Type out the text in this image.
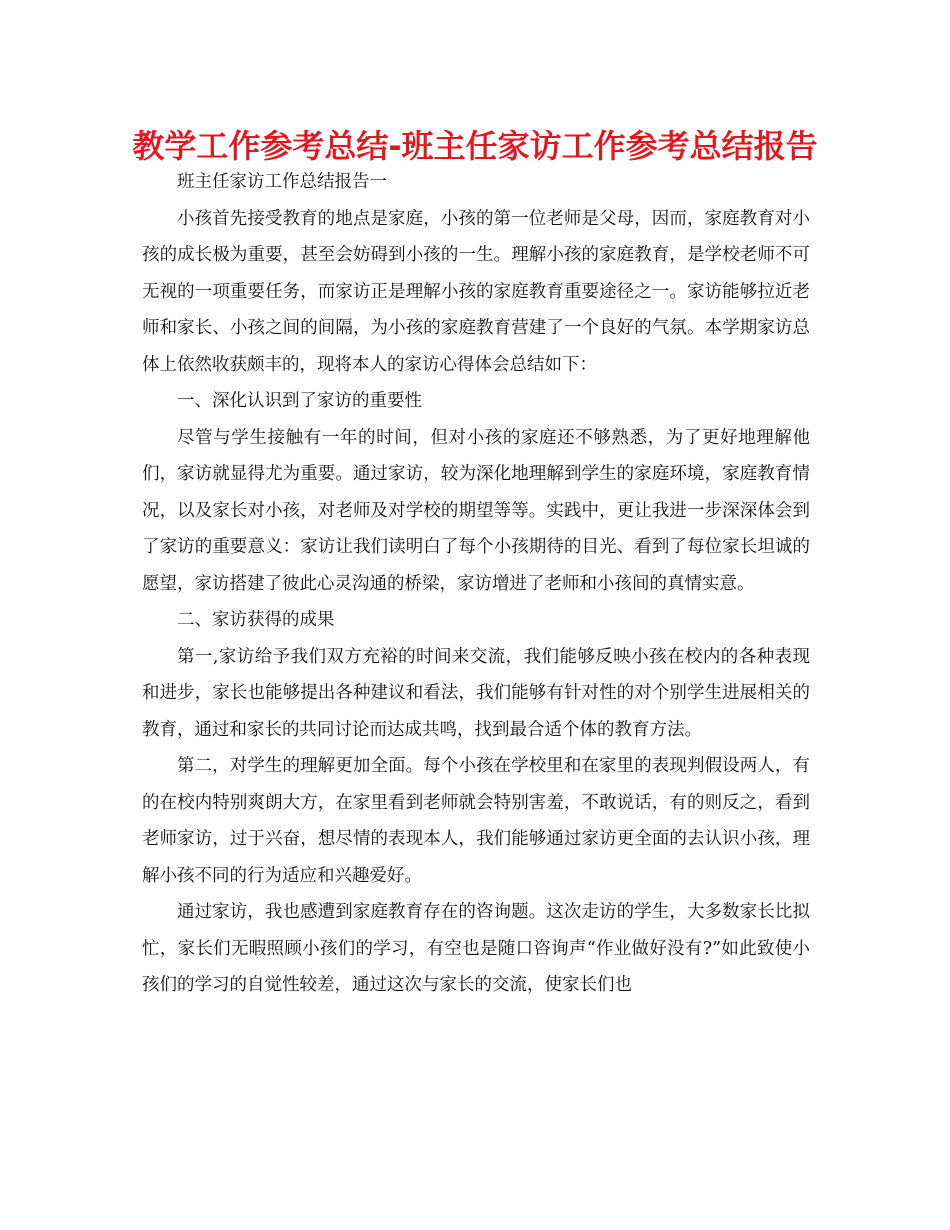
教学工作参考总结-班主任家访工作参考总结报告

班主任家访工作总结报告一

小孩首先接受教育的地点是家庭，小孩的第一位老师是父母，因而，家庭教育对小孩的成长极为重要，甚至会妨碍到小孩的一生。理解小孩的家庭教育，是学校老师不可无视的一项重要任务，而家访正是理解小孩的家庭教育重要途径之一。家访能够拉近老师和家长、小孩之间的间隔，为小孩的家庭教育营建了一个良好的气氛。本学期家访总体上依然收获颇丰的，现将本人的家访心得体会总结如下：

一、深化认识到了家访的重要性

尽管与学生接触有一年的时间，但对小孩的家庭还不够熟悉，为了更好地理解他们，家访就显得尤为重要。通过家访，较为深化地理解到学生的家庭环境，家庭教育情况，以及家长对小孩，对老师及对学校的期望等等。实践中，更让我进一步深深体会到了家访的重要意义：家访让我们读明白了每个小孩期待的目光、看到了每位家长坦诚的愿望，家访搭建了彼此心灵沟通的桥梁，家访增进了老师和小孩间的真情实意。

二、家访获得的成果

第一,家访给予我们双方充裕的时间来交流，我们能够反映小孩在校内的各种表现和进步，家长也能够提出各种建议和看法，我们能够有针对性的对个别学生进展相关的教育，通过和家长的共同讨论而达成共鸣，找到最合适个体的教育方法。

第二，对学生的理解更加全面。每个小孩在学校里和在家里的表现判假设两人，有的在校内特别爽朗大方，在家里看到老师就会特别害羞，不敢说话，有的则反之，看到老师家访，过于兴奋，想尽情的表现本人，我们能够通过家访更全面的去认识小孩，理解小孩不同的行为适应和兴趣爱好。

通过家访，我也感遭到家庭教育存在的咨询题。这次走访的学生，大多数家长比拟忙，家长们无暇照顾小孩们的学习，有空也是随口咨询声“作业做好没有?”如此致使小孩们的学习的自觉性较差，通过这次与家长的交流，使家长们也
